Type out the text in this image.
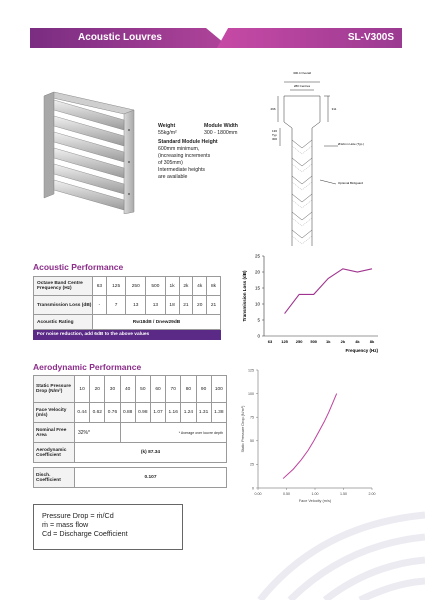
Acoustic Louvres	SL-V300S
Weight	Module Width
55kg/m²	300 - 1800mm
Standard Module Height
600mm minimum,
(increasing increments
of 305mm)
Intermediate heights
are available
300.4 Overall
280 Centres
296	311
136
Typ
300
Ø12mm Hole (Typ.)
Optional Birdguard
Acoustic Performance
Octave Band Centre Frequency (Hz)	63	125	250	500	1k	2k	4k	8k
Transmission Loss (dB)	-	7	13	13	18	21	20	21
Acoustic Rating	Rw18dB / Dnew29dB							
For noise reduction, add 6dB to the above values	0
5
10
15
20
25
63 125 250 500 1k	2k	4k	8k
Frequency (Hz)
Transmission Loss (dB)
Aerodynamic Performance
Static Pressure Drop (N/m²)	10	20	30	40	50	60	70	80	90	100
Face Velocity (m/s)	0.44	0.62	0.76	0.88	0.98	1.07	1.16	1.24	1.31	1.38
Nominal Free Area	32%*			* Average over louvre depth						
Aerodynamic Coefficient	(k) 87.34									
Disch. Coefficient	0.107
0
25
50
75
100
125
0.00	0.50	1.00	1.50	2.00
Face Velocity (m/s)
Static Pressure Drop (N/m²)
Pressure Drop = ṁ/Cd
ṁ = mass flow
Cd = Discharge Coefficient
